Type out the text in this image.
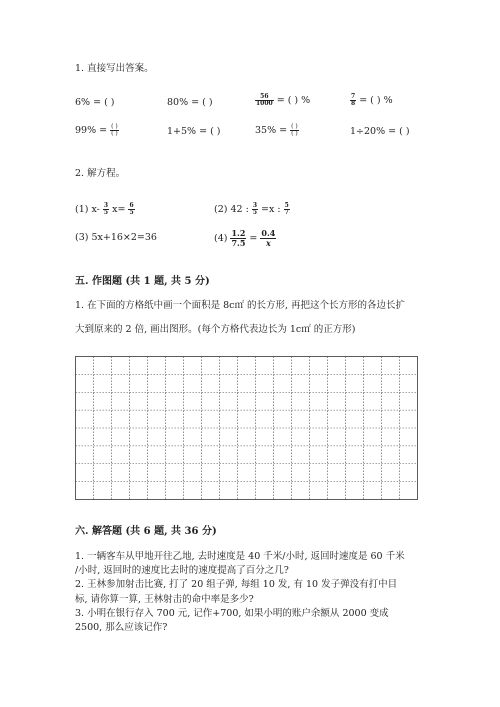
1. 直接写出答案。
6% = ( )	80% = ( )	$\frac{56}{1000}$ = ( ) %	$\frac{7}{8}$ = ( ) %
$99\% = \frac{( )}{( )}$	1+5% = ( )	$35\% = \frac{( )}{( )}$	1÷20% = ( )
2. 解方程。
(1) $x- \frac{3}{5} x= \frac{6}{5}$	(2) 42 : $\frac{3}{5} =x$ : $\frac{5}{7}$
(3) 5x+16×2=36	$(4) \frac{1.2}{7.5} = \frac{0.4}{x}$
五. 作图题 (共 1 题, 共 5 分)
1. 在下面的方格纸中画一个面积是 8c㎡ 的长方形, 再把这个长方形的各边长扩
大到原来的 2 倍, 画出图形。(每个方格代表边长为 1c㎡ 的正方形)
六. 解答题 (共 6 题, 共 36 分)
1. 一辆客车从甲地开往乙地, 去时速度是 40 千米/小时, 返回时速度是 60 千米
/小时, 返回时的速度比去时的速度提高了百分之几?
2. 王林参加射击比赛, 打了 20 组子弹, 每组 10 发, 有 10 发子弹没有打中目
标, 请你算一算, 王林射击的命中率是多少?
3. 小明在银行存入 700 元, 记作+700, 如果小明的账户余额从 2000 变成
2500, 那么应该记作?
